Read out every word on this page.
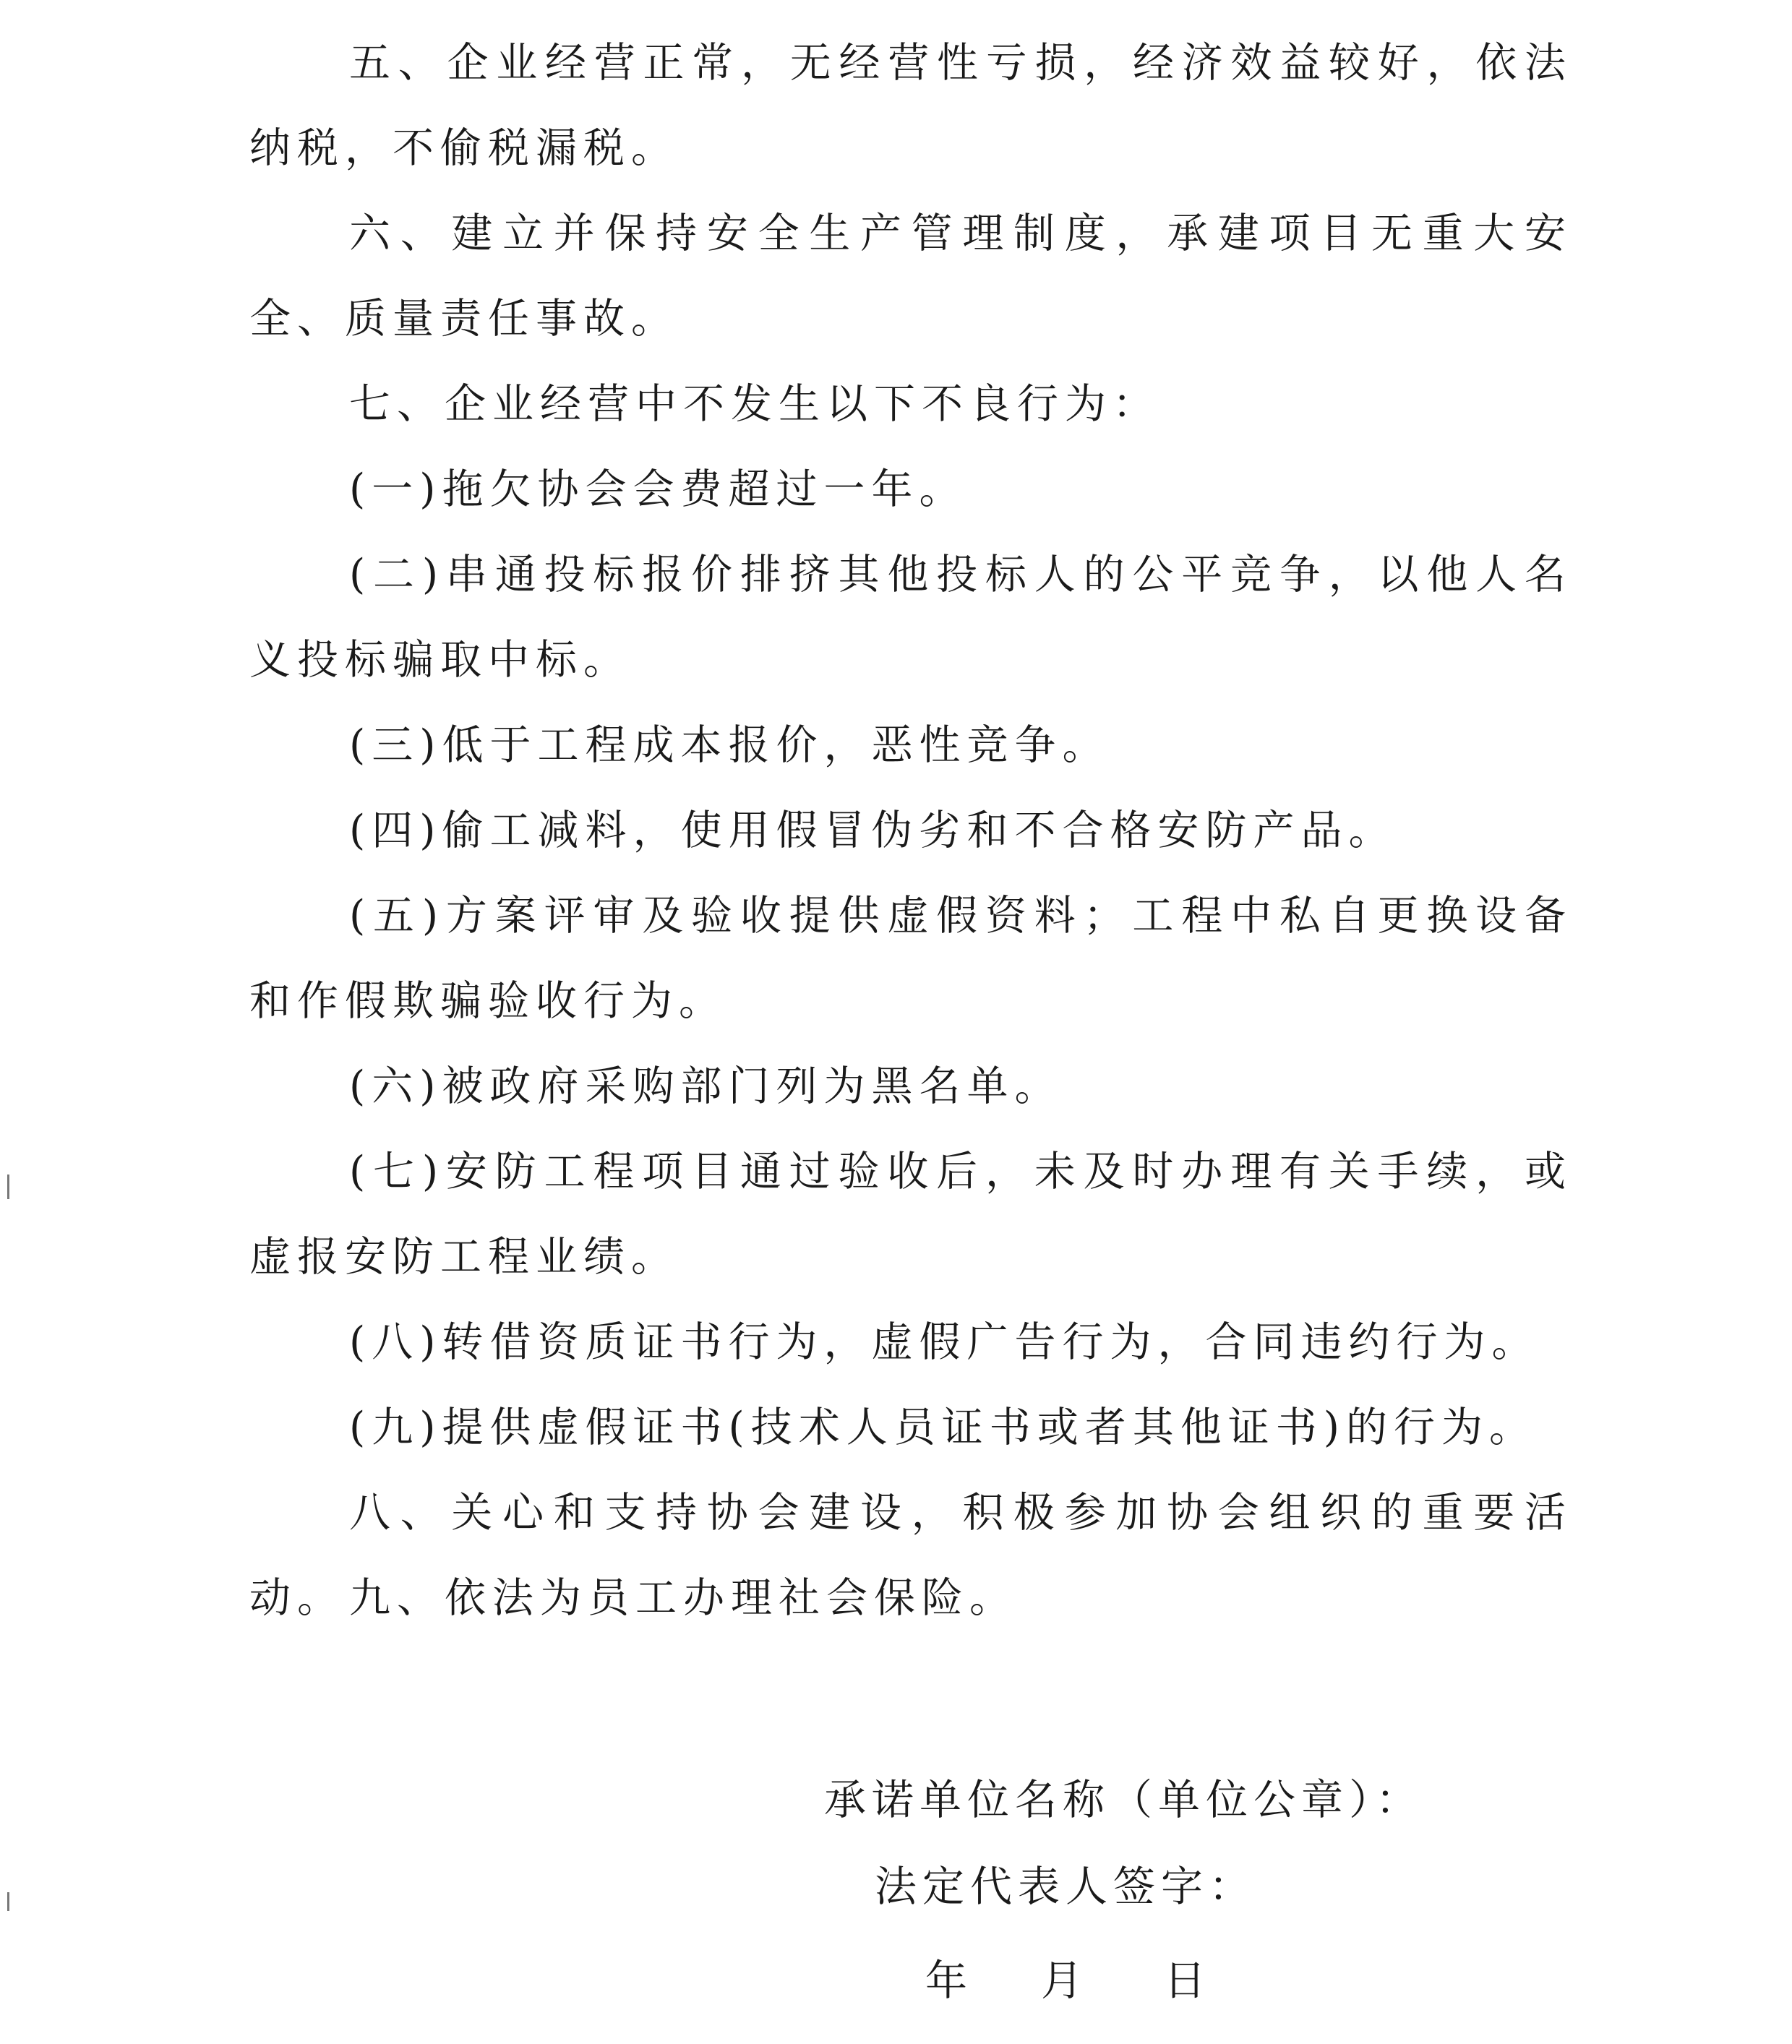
五、企业经营正常，无经营性亏损，经济效益较好，依法纳税，不偷税漏税。

六、建立并保持安全生产管理制度，承建项目无重大安全、质量责任事故。

七、企业经营中不发生以下不良行为：

(一)拖欠协会会费超过一年。

(二)串通投标报价排挤其他投标人的公平竞争，以他人名义投标骗取中标。

(三)低于工程成本报价，恶性竞争。

(四)偷工减料，使用假冒伪劣和不合格安防产品。

(五)方案评审及验收提供虚假资料；工程中私自更换设备和作假欺骗验收行为。

(六)被政府采购部门列为黑名单。

(七)安防工程项目通过验收后，未及时办理有关手续，或虚报安防工程业绩。

(八)转借资质证书行为，虚假广告行为，合同违约行为。

(九)提供虚假证书(技术人员证书或者其他证书)的行为。

八、关心和支持协会建设，积极参加协会组织的重要活动。 九、依法为员工办理社会保险。

承诺单位名称（单位公章）：
法定代表人签字：
年 月 日
